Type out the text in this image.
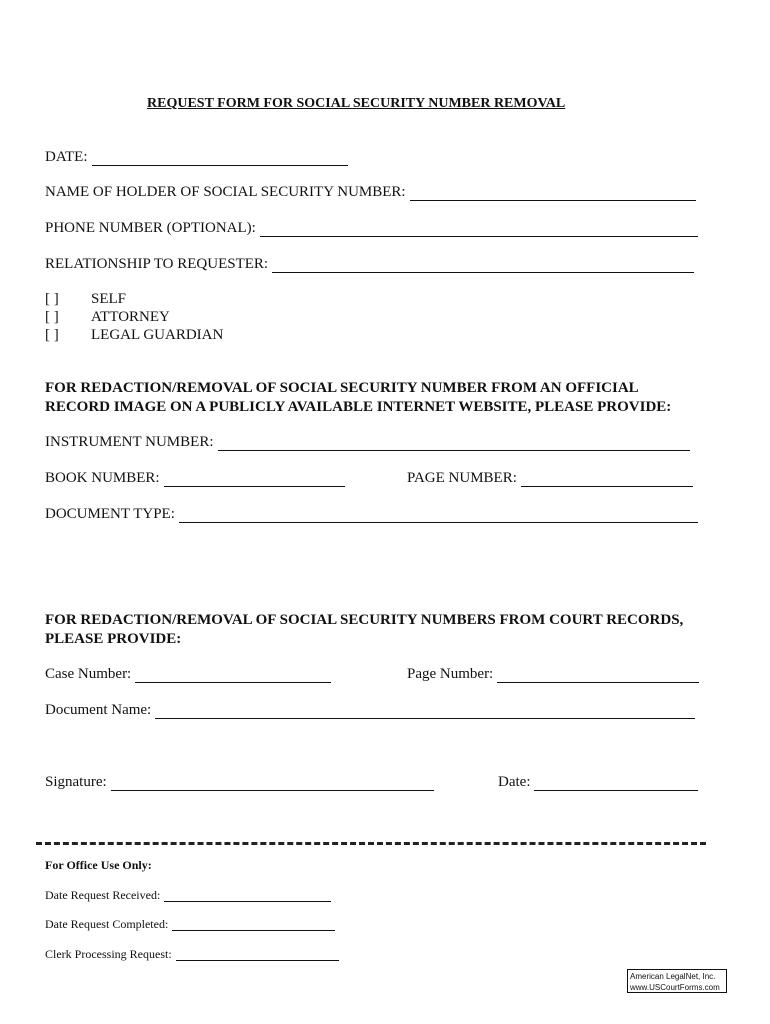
REQUEST FORM FOR SOCIAL SECURITY NUMBER REMOVAL
DATE:
NAME OF HOLDER OF SOCIAL SECURITY NUMBER:
PHONE NUMBER (OPTIONAL):
RELATIONSHIP TO REQUESTER:
[ ] SELF
[ ] ATTORNEY
[ ] LEGAL GUARDIAN
FOR REDACTION/REMOVAL OF SOCIAL SECURITY NUMBER FROM AN OFFICIAL
RECORD IMAGE ON A PUBLICLY AVAILABLE INTERNET WEBSITE, PLEASE PROVIDE:
INSTRUMENT NUMBER:
BOOK NUMBER:	PAGE NUMBER:
DOCUMENT TYPE:
FOR REDACTION/REMOVAL OF SOCIAL SECURITY NUMBERS FROM COURT RECORDS,
PLEASE PROVIDE:
Case Number:	Page Number:
Document Name:
Signature:	Date:
For Office Use Only:
Date Request Received:
Date Request Completed:
Clerk Processing Request:
American LegalNet, Inc.
www.USCourtForms.com
